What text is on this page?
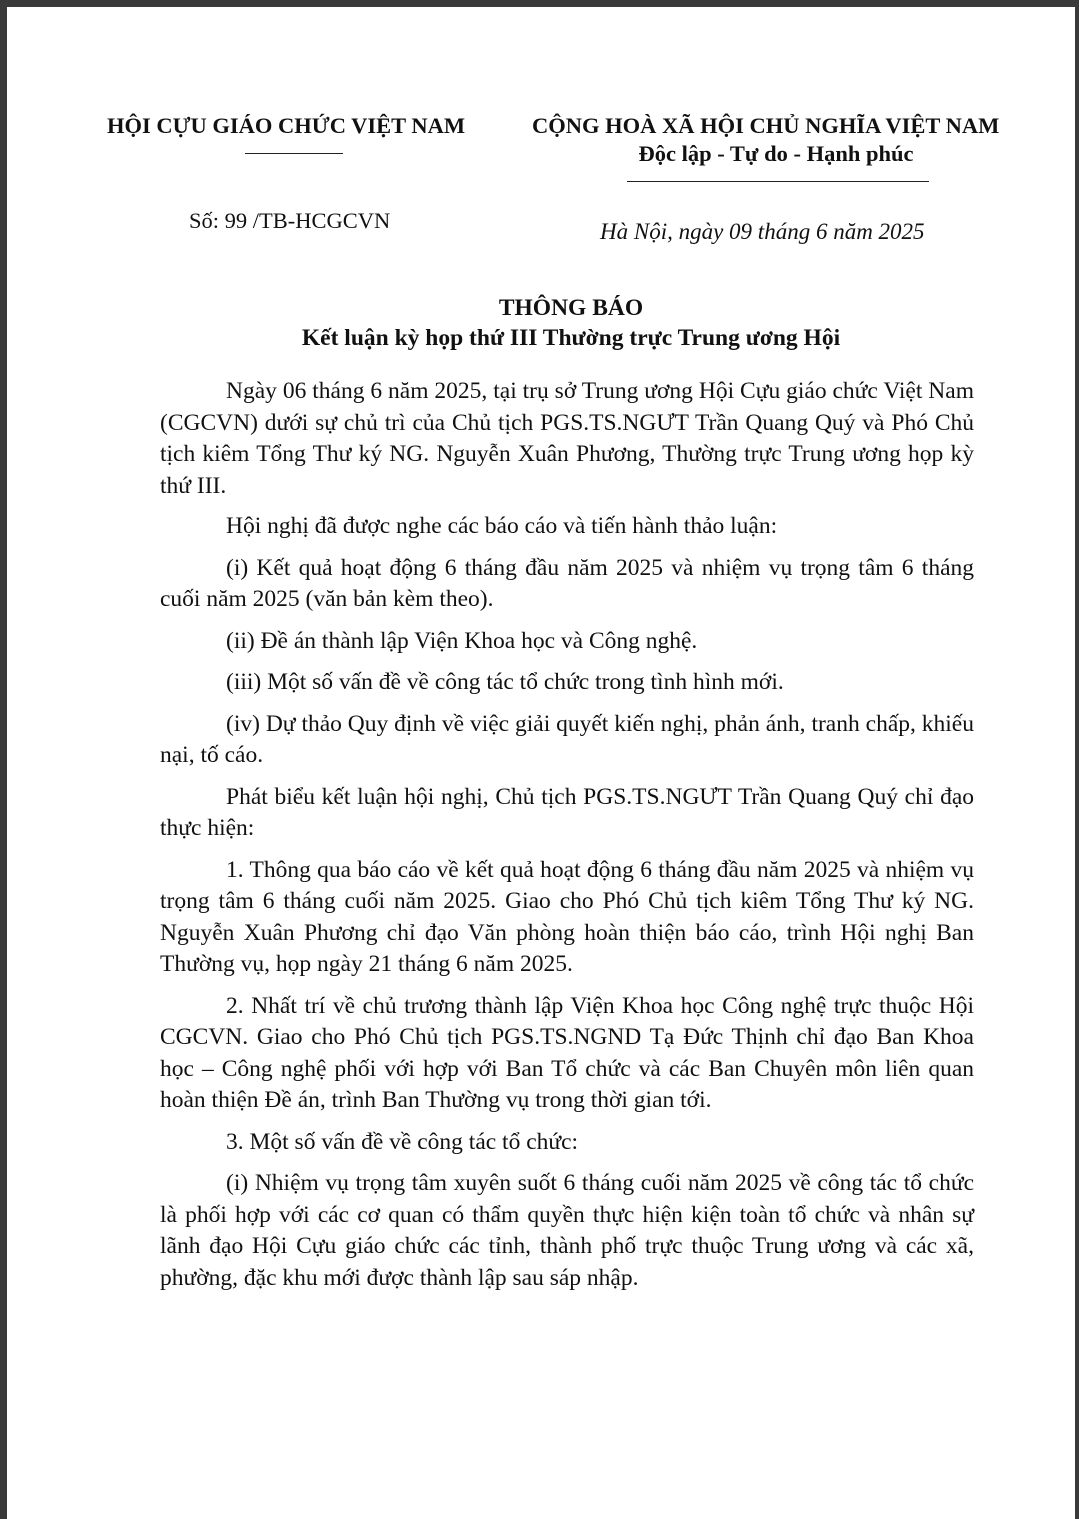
HỘI CỰU GIÁO CHỨC VIỆT NAM	CỘNG HOÀ XÃ HỘI CHỦ NGHĨA VIỆT NAM
Độc lập - Tự do - Hạnh phúc
Số: 99 /TB-HCGCVN	Hà Nội, ngày 09 tháng 6 năm 2025
THÔNG BÁO
Kết luận kỳ họp thứ III Thường trực Trung ương Hội

Ngày 06 tháng 6 năm 2025, tại trụ sở Trung ương Hội Cựu giáo chức Việt Nam (CGCVN) dưới sự chủ trì của Chủ tịch PGS.TS.NGƯT Trần Quang Quý và Phó Chủ tịch kiêm Tổng Thư ký NG. Nguyễn Xuân Phương, Thường trực Trung ương họp kỳ thứ III.

Hội nghị đã được nghe các báo cáo và tiến hành thảo luận:

(i) Kết quả hoạt động 6 tháng đầu năm 2025 và nhiệm vụ trọng tâm 6 tháng cuối năm 2025 (văn bản kèm theo).

(ii) Đề án thành lập Viện Khoa học và Công nghệ.

(iii) Một số vấn đề về công tác tổ chức trong tình hình mới.

(iv) Dự thảo Quy định về việc giải quyết kiến nghị, phản ánh, tranh chấp, khiếu nại, tố cáo.

Phát biểu kết luận hội nghị, Chủ tịch PGS.TS.NGƯT Trần Quang Quý chỉ đạo thực hiện:

1. Thông qua báo cáo về kết quả hoạt động 6 tháng đầu năm 2025 và nhiệm vụ trọng tâm 6 tháng cuối năm 2025. Giao cho Phó Chủ tịch kiêm Tổng Thư ký NG. Nguyễn Xuân Phương chỉ đạo Văn phòng hoàn thiện báo cáo, trình Hội nghị Ban Thường vụ, họp ngày 21 tháng 6 năm 2025.

2. Nhất trí về chủ trương thành lập Viện Khoa học Công nghệ trực thuộc Hội CGCVN. Giao cho Phó Chủ tịch PGS.TS.NGND Tạ Đức Thịnh chỉ đạo Ban Khoa học – Công nghệ phối với hợp với Ban Tổ chức và các Ban Chuyên môn liên quan hoàn thiện Đề án, trình Ban Thường vụ trong thời gian tới.

3. Một số vấn đề về công tác tổ chức:

(i) Nhiệm vụ trọng tâm xuyên suốt 6 tháng cuối năm 2025 về công tác tổ chức là phối hợp với các cơ quan có thẩm quyền thực hiện kiện toàn tổ chức và nhân sự lãnh đạo Hội Cựu giáo chức các tỉnh, thành phố trực thuộc Trung ương và các xã, phường, đặc khu mới được thành lập sau sáp nhập.
